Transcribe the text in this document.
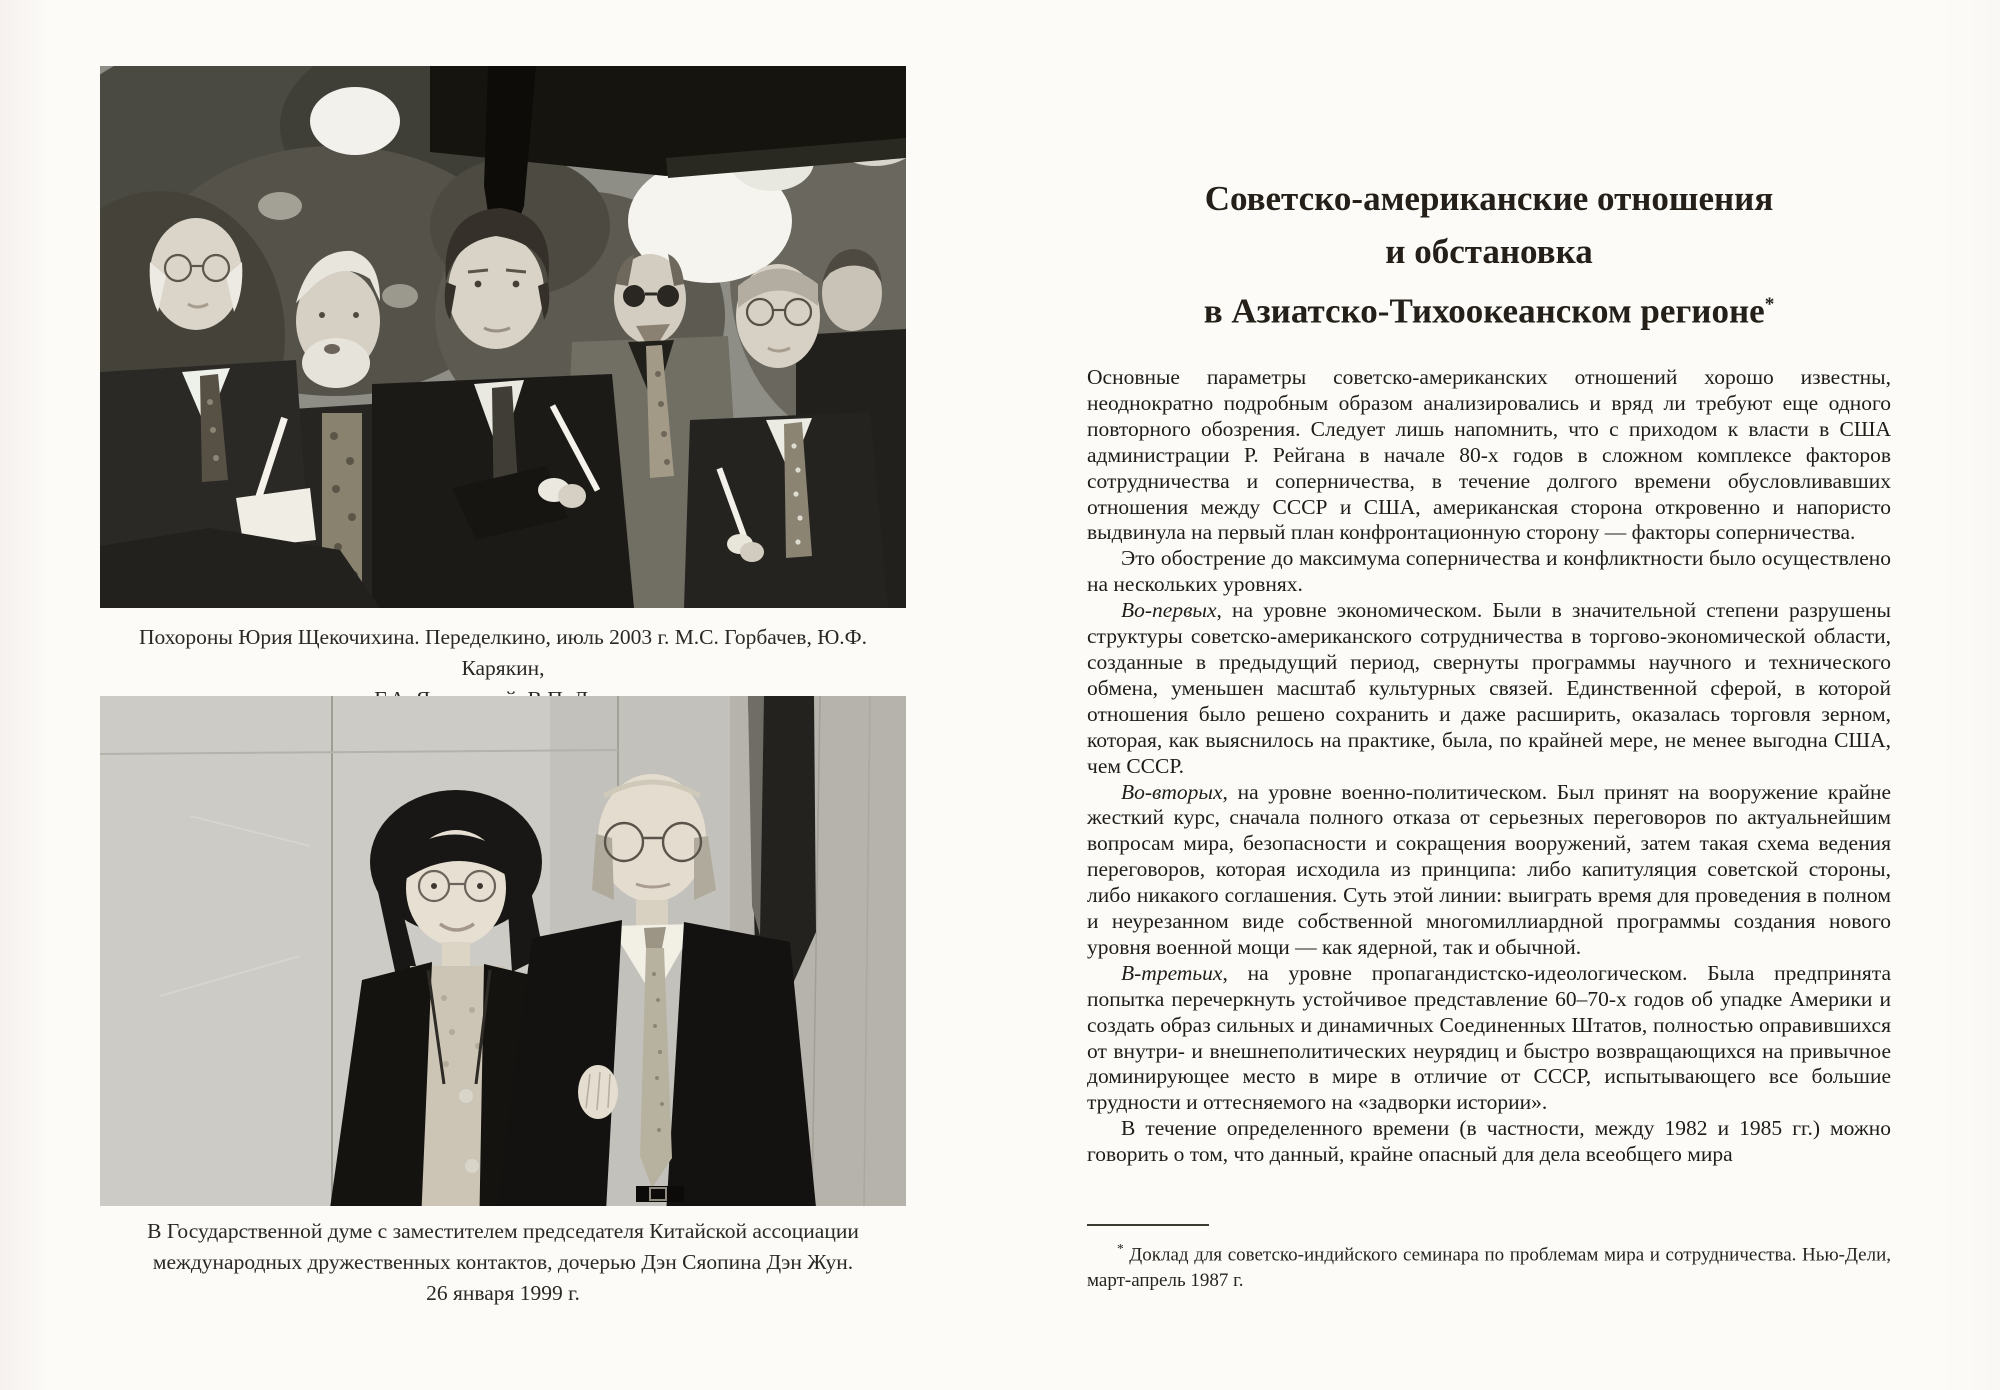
Похороны Юрия Щекочихина. Переделкино, июль 2003 г. М.С. Горбачев, Ю.Ф. Карякин,
В Государственной думе с заместителем председателя Китайской ассоциации
международных дружественных контактов, дочерью Дэн Сяопина Дэн Жун.
26 января 1999 г.
Советско-американские отношения
и обстановка
в Азиатско-Тихоокеанском регионе*

Основные параметры советско-американских отношений хорошо известны, неоднократно подробным образом анализировались и вряд ли требуют еще одного повторного обозрения. Следует лишь напомнить, что с приходом к власти в США администрации Р. Рейгана в начале 80-х годов в сложном комплексе факторов сотрудничества и соперничества, в течение долгого времени обусловливавших отношения между СССР и США, американская сторона откровенно и напористо выдвинула на первый план конфронтационную сторону — факторы соперничества.

Это обострение до максимума соперничества и конфликтности было осуществлено на нескольких уровнях.

Во-первых, на уровне экономическом. Были в значительной степени разрушены структуры советско-американского сотрудничества в торгово-экономической области, созданные в предыдущий период, свернуты программы научного и технического обмена, уменьшен масштаб культурных связей. Единственной сферой, в которой отношения было решено сохранить и даже расширить, оказалась торговля зерном, которая, как выяснилось на практике, была, по крайней мере, не менее выгодна США, чем СССР.

Во-вторых, на уровне военно-политическом. Был принят на вооружение крайне жесткий курс, сначала полного отказа от серьезных переговоров по актуальнейшим вопросам мира, безопасности и сокращения вооружений, затем такая схема ведения переговоров, которая исходила из принципа: либо капитуляция советской стороны, либо никакого соглашения. Суть этой линии: выиграть время для проведения в полном и неурезанном виде собственной многомиллиардной программы создания нового уровня военной мощи — как ядерной, так и обычной.

В-третьих, на уровне пропагандистско-идеологическом. Была предпринята попытка перечеркнуть устойчивое представление 60–70-х годов об упадке Америки и создать образ сильных и динамичных Соединенных Штатов, полностью оправившихся от внутри- и внешнеполитических неурядиц и быстро возвращающихся на привычное доминирующее место в мире в отличие от СССР, испытывающего все большие трудности и оттесняемого на «задворки истории».

В течение определенного времени (в частности, между 1982 и 1985 гг.) можно говорить о том, что данный, крайне опасный для дела всеобщего мира

* Доклад для советско-индийского семинара по проблемам мира и сотрудничества. Нью-Дели, март-апрель 1987 г.
